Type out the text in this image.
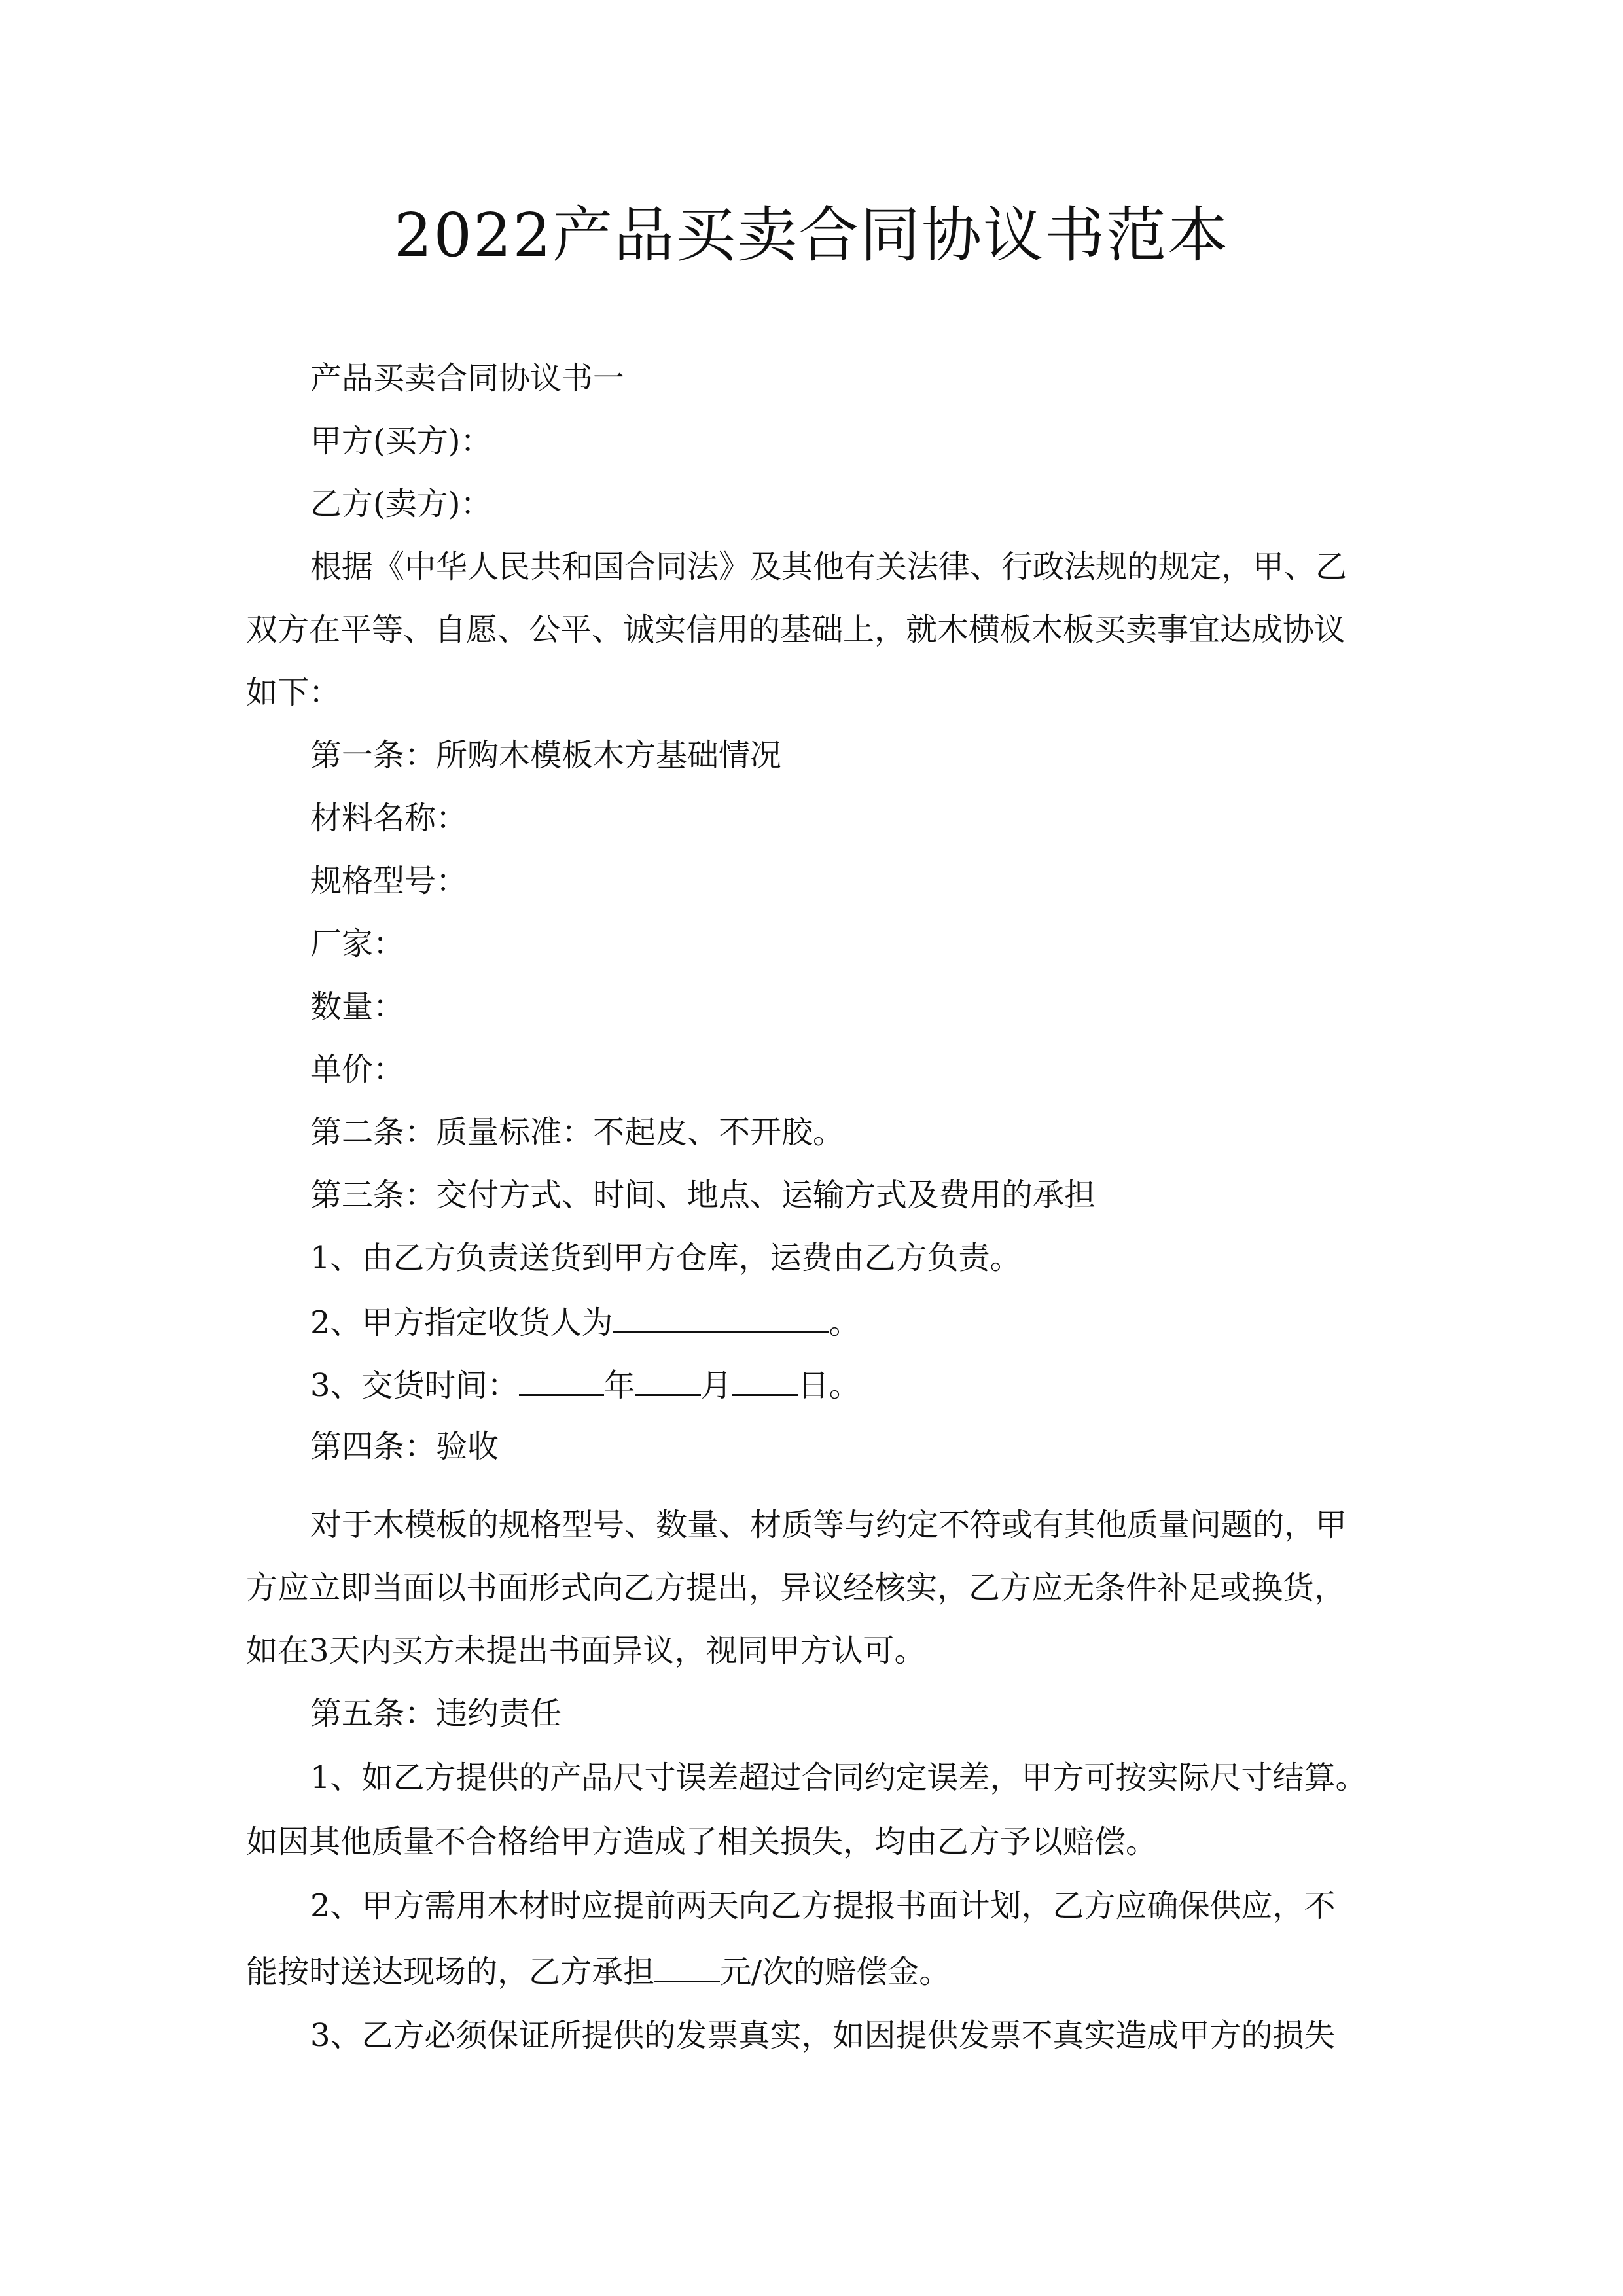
2022产品买卖合同协议书范本
产品买卖合同协议书一
甲方(买方)：
乙方(卖方)：
根据《中华人民共和国合同法》及其他有关法律、行政法规的规定，甲、乙
双方在平等、自愿、公平、诚实信用的基础上，就木横板木板买卖事宜达成协议
如下：
第一条：所购木模板木方基础情况
材料名称：
规格型号：
厂家：
数量：
单价：
第二条：质量标准：不起皮、不开胶。
第三条：交付方式、时间、地点、运输方式及费用的承担
1、由乙方负责送货到甲方仓库，运费由乙方负责。
2、甲方指定收货人为	。
3、交货时间：	年 月 日。
第四条：验收
对于木模板的规格型号、数量、材质等与约定不符或有其他质量问题的，甲
方应立即当面以书面形式向乙方提出，异议经核实，乙方应无条件补足或换货，
如在3天内买方未提出书面异议，视同甲方认可。
第五条：违约责任
1、如乙方提供的产品尺寸误差超过合同约定误差，甲方可按实际尺寸结算。
如因其他质量不合格给甲方造成了相关损失，均由乙方予以赔偿。
2、甲方需用木材时应提前两天向乙方提报书面计划，乙方应确保供应，不
能按时送达现场的，乙方承担 元/次的赔偿金。
3、乙方必须保证所提供的发票真实，如因提供发票不真实造成甲方的损失
